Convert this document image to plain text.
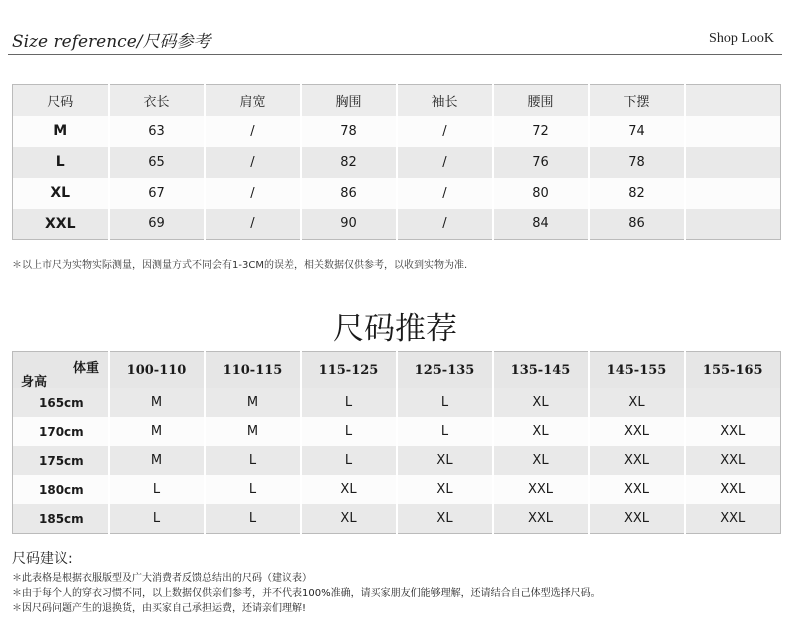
Size reference/尺码参考	Shop LooK
尺码	衣长	肩宽	胸围	袖长	腰围	下摆	
M	63	/	78	/	72	74	
L	65	/	82	/	76	78	
XL	67	/	86	/	80	82	
XXL	69	/	90	/	84	86	
＊以上市尺为实物实际测量，因测量方式不同会有1-3CM的误差，相关数据仅供参考，以收到实物为准.
尺码推荐
体重
身高	100-110	110-115	115-125	125-135	135-145	145-155	155-165
165cm	M	M	L	L	XL	XL	
170cm	M	M	L	L	XL	XXL	XXL
175cm	M	L	L	XL	XL	XXL	XXL
180cm	L	L	XL	XL	XXL	XXL	XXL
185cm	L	L	XL	XL	XXL	XXL	XXL
尺码建议:
＊此表格是根据衣服版型及广大消费者反馈总结出的尺码（建议表）
＊由于每个人的穿衣习惯不同，以上数据仅供亲们参考，并不代表100%准确，请买家朋友们能够理解，还请结合自己体型选择尺码。
＊因尺码问题产生的退换货，由买家自己承担运费，还请亲们理解!
